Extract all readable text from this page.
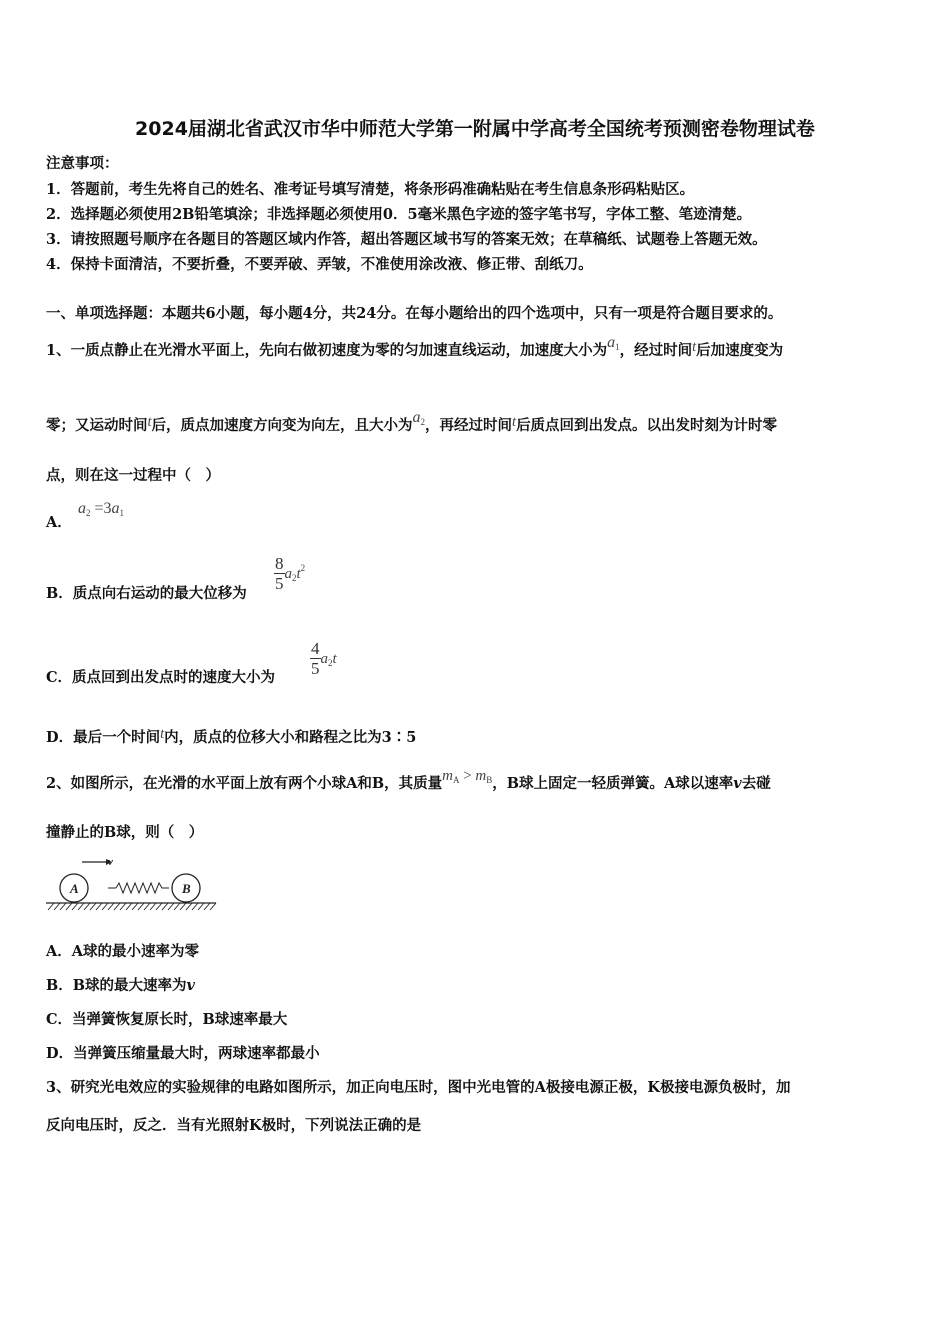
2024届湖北省武汉市华中师范大学第一附属中学高考全国统考预测密卷物理试卷
注意事项：
1．答题前，考生先将自己的姓名、准考证号填写清楚，将条形码准确粘贴在考生信息条形码粘贴区。
2．选择题必须使用2B铅笔填涂；非选择题必须使用0．5毫米黑色字迹的签字笔书写，字体工整、笔迹清楚。
3．请按照题号顺序在各题目的答题区域内作答，超出答题区域书写的答案无效；在草稿纸、试题卷上答题无效。
4．保持卡面清洁，不要折叠，不要弄破、弄皱，不准使用涂改液、修正带、刮纸刀。
一、单项选择题：本题共6小题，每小题4分，共24分。在每小题给出的四个选项中，只有一项是符合题目要求的。
1、一质点静止在光滑水平面上，先向右做初速度为零的匀加速直线运动，加速度大小为a1，经过时间t后加速度变为
零；又运动时间t后，质点加速度方向变为向左，且大小为a2，再经过时间t后质点回到出发点。以出发时刻为计时零
点，则在这一过程中（　）
A．
a2 =3a1
B．质点向右运动的最大位移为
$\frac{8}{5} a_2t^2$
C．质点回到出发点时的速度大小为
$\frac{4}{5} a_2t$
D．最后一个时间t内，质点的位移大小和路程之比为3∶5
2、如图所示，在光滑的水平面上放有两个小球A和B，其质量$m_A > m_B$，B球上固定一轻质弹簧。A球以速率v去碰
撞静止的B球，则（　）
v
A	B
A．A球的最小速率为零
B．B球的最大速率为v
C．当弹簧恢复原长时，B球速率最大
D．当弹簧压缩量最大时，两球速率都最小
3、研究光电效应的实验规律的电路如图所示，加正向电压时，图中光电管的A极接电源正极，K极接电源负极时，加
反向电压时，反之．当有光照射K极时，下列说法正确的是
